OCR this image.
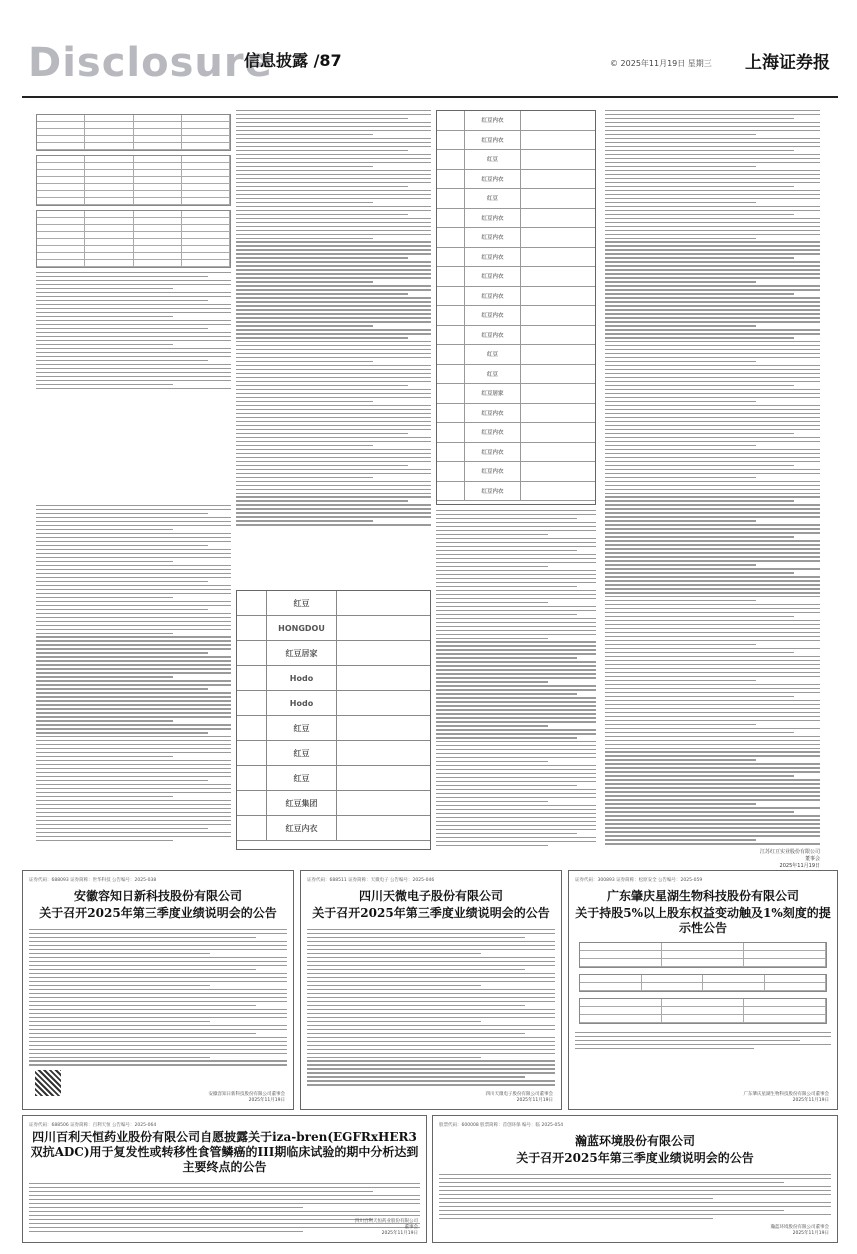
Disclosure
信息披露 /87	© 2025年11月19日 星期三 上海证券报
红豆
HONGDOU
红豆居家
Hodo
Hodo
红豆
红豆
红豆
红豆集团
红豆内衣
红豆内衣
红豆内衣
红豆
红豆内衣
红豆
红豆内衣
红豆内衣
红豆内衣
红豆内衣
红豆内衣
红豆内衣
红豆内衣
红豆
红豆
红豆居家
红豆内衣
红豆内衣
红豆内衣
红豆内衣
红豆内衣
江苏红豆实业股份有限公司
董事会
2025年11月19日
证券代码：688093 证券简称：世华科技 公告编号：2025-038
安徽容知日新科技股份有限公司
关于召开2025年第三季度业绩说明会的公告
安徽容知日新科技股份有限公司董事会
2025年11月19日
证券代码：688511 证券简称：天微电子 公告编号：2025-046
四川天微电子股份有限公司
关于召开2025年第三季度业绩说明会的公告
四川天微电子股份有限公司董事会
2025年11月19日
证券代码：300893 证券简称：松原安全 公告编号：2025-059
广东肇庆星湖生物科技股份有限公司
关于持股5%以上股东权益变动触及1%刻度的提示性公告
广东肇庆星湖生物科技股份有限公司董事会
2025年11月19日
证券代码：688506 证券简称：百利天恒 公告编号：2025-064
四川百利天恒药业股份有限公司自愿披露关于iza-bren(EGFRxHER3 双抗ADC)用于复发性或转移性食管鳞癌的III期临床试验的期中分析达到主要终点的公告
四川百利天恒药业股份有限公司
董事会
2025年11月19日
股票代码：600008 股票简称：首创环保 编号：临 2025-054
瀚蓝环境股份有限公司
关于召开2025年第三季度业绩说明会的公告
瀚蓝环境股份有限公司董事会
2025年11月19日
